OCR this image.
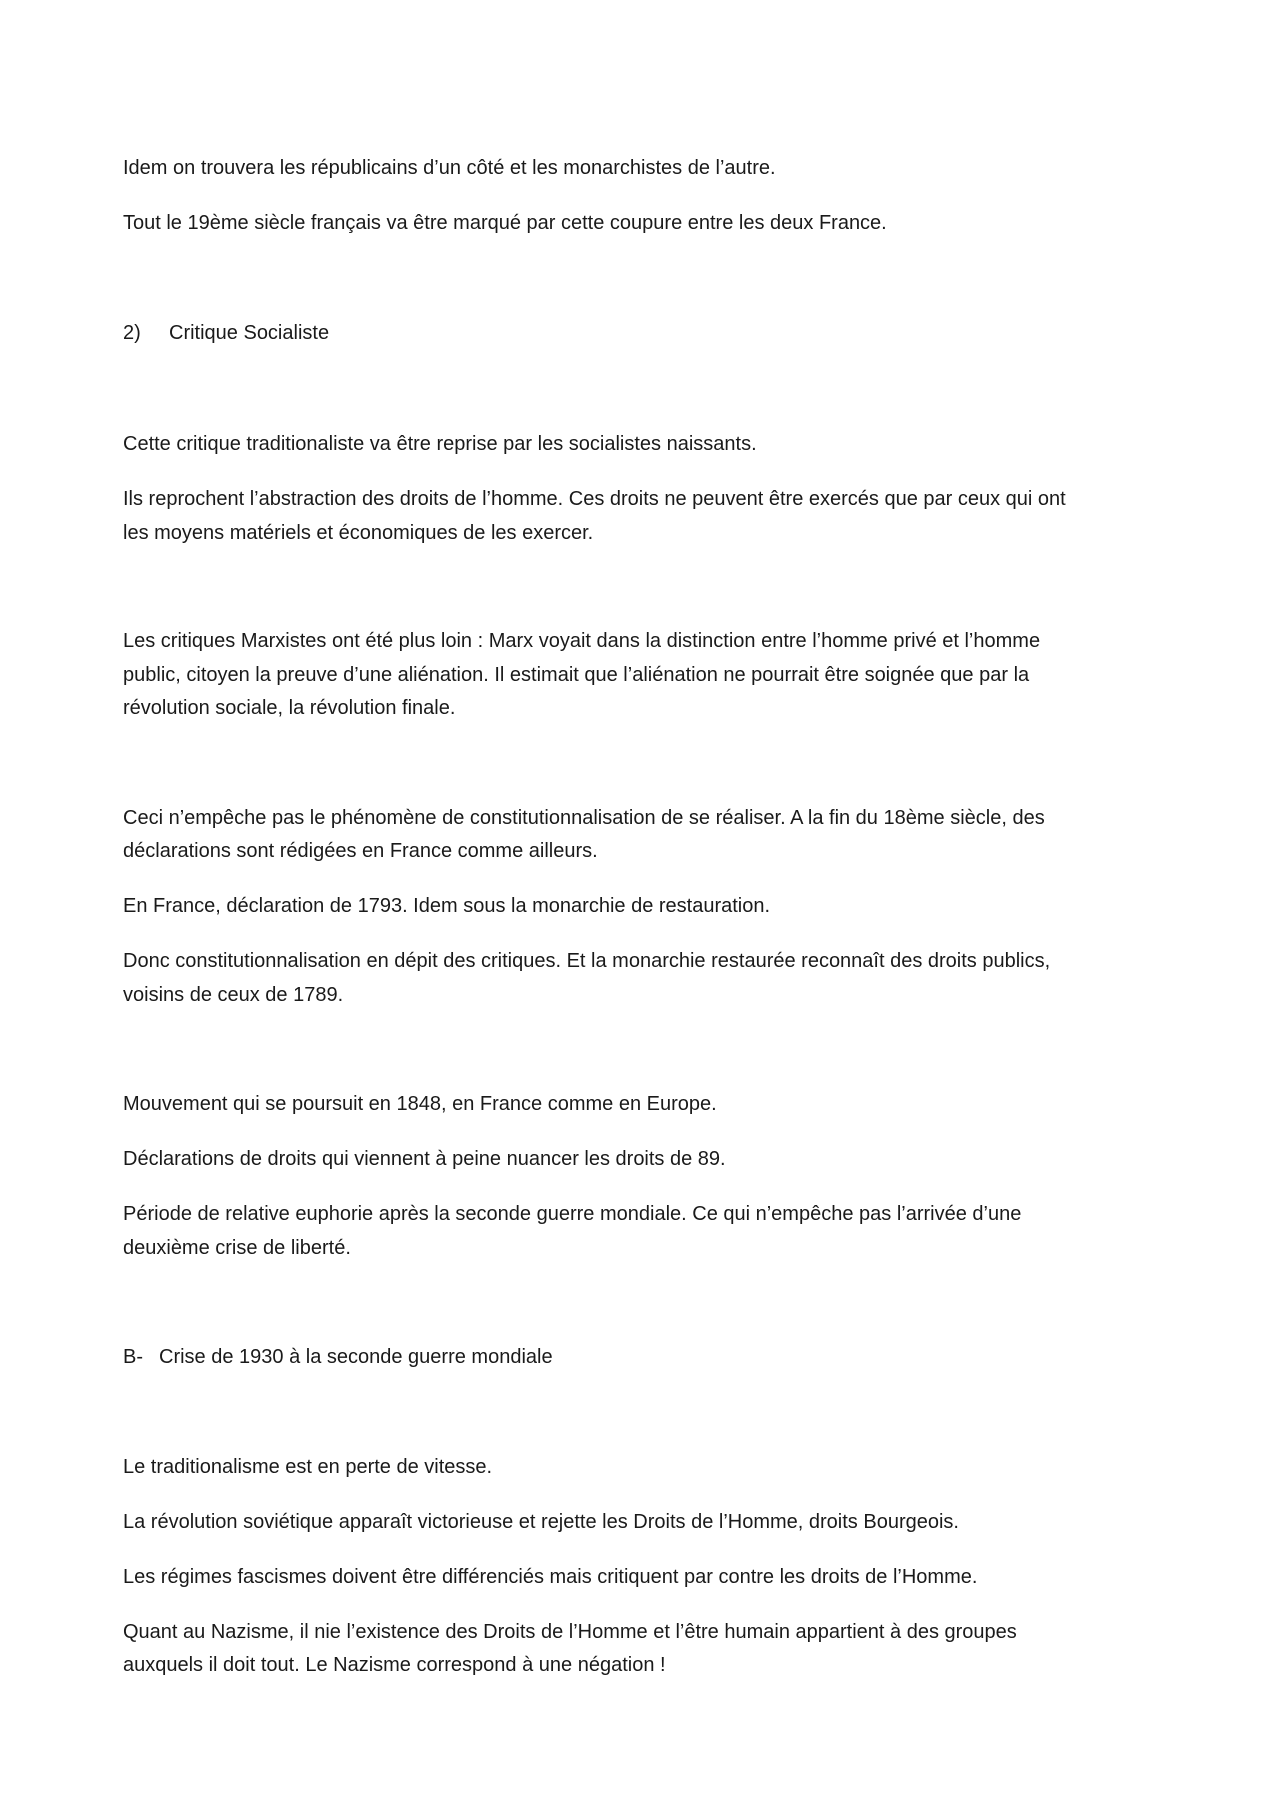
Idem on trouvera les républicains d’un côté et les monarchistes de l’autre.

Tout le 19ème siècle français va être marqué par cette coupure entre les deux France.

2) Critique Socialiste

Cette critique traditionaliste va être reprise par les socialistes naissants.

Ils reprochent l’abstraction des droits de l’homme. Ces droits ne peuvent être exercés que par ceux qui ont

les moyens matériels et économiques de les exercer.

Les critiques Marxistes ont été plus loin : Marx voyait dans la distinction entre l’homme privé et l’homme

public, citoyen la preuve d’une aliénation. Il estimait que l’aliénation ne pourrait être soignée que par la

révolution sociale, la révolution finale.

Ceci n’empêche pas le phénomène de constitutionnalisation de se réaliser. A la fin du 18ème siècle, des

déclarations sont rédigées en France comme ailleurs.

En France, déclaration de 1793. Idem sous la monarchie de restauration.

Donc constitutionnalisation en dépit des critiques. Et la monarchie restaurée reconnaît des droits publics,

voisins de ceux de 1789.

Mouvement qui se poursuit en 1848, en France comme en Europe.

Déclarations de droits qui viennent à peine nuancer les droits de 89.

Période de relative euphorie après la seconde guerre mondiale. Ce qui n’empêche pas l’arrivée d’une

deuxième crise de liberté.

B- Crise de 1930 à la seconde guerre mondiale

Le traditionalisme est en perte de vitesse.

La révolution soviétique apparaît victorieuse et rejette les Droits de l’Homme, droits Bourgeois.

Les régimes fascismes doivent être différenciés mais critiquent par contre les droits de l’Homme.

Quant au Nazisme, il nie l’existence des Droits de l’Homme et l’être humain appartient à des groupes

auxquels il doit tout. Le Nazisme correspond à une négation !
